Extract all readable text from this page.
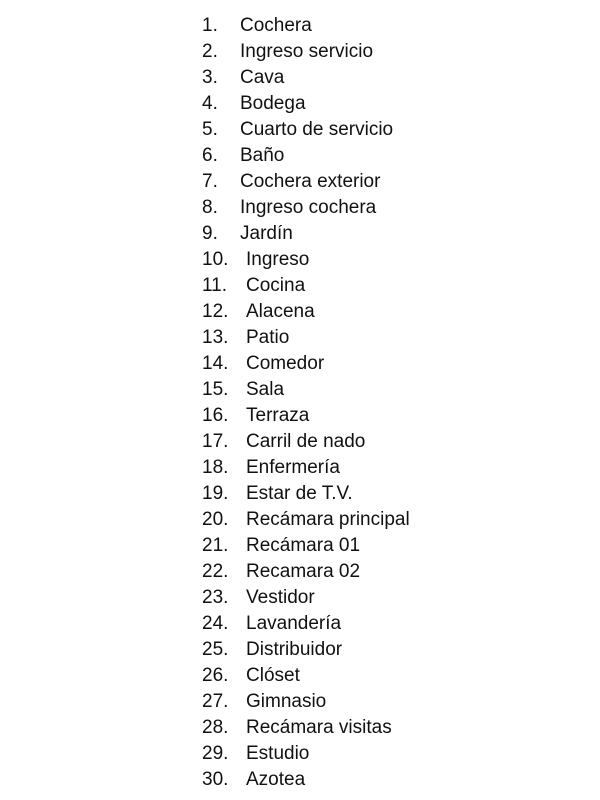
1.	Cochera
2.	Ingreso servicio
3.	Cava
4.	Bodega
5.	Cuarto de servicio
6.	Baño
7.	Cochera exterior
8.	Ingreso cochera
9.	Jardín
10. Ingreso
11. Cocina
12. Alacena
13. Patio
14. Comedor
15. Sala
16. Terraza
17. Carril de nado
18. Enfermería
19. Estar de T.V.
20. Recámara principal
21. Recámara 01
22. Recamara 02
23. Vestidor
24. Lavandería
25. Distribuidor
26. Clóset
27. Gimnasio
28. Recámara visitas
29. Estudio
30. Azotea
